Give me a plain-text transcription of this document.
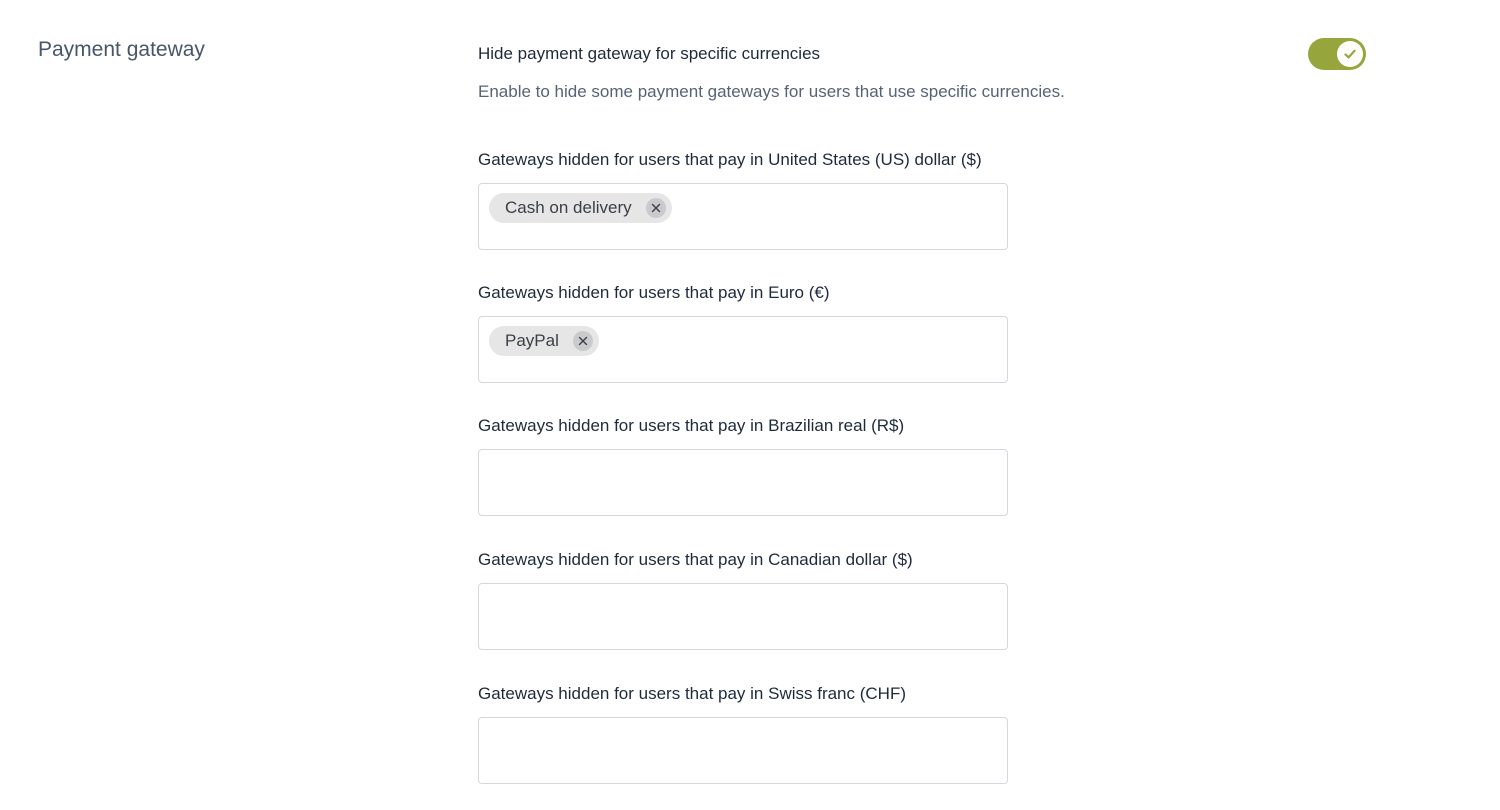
Payment gateway	Hide payment gateway for specific currencies

Enable to hide some payment gateways for users that use specific currencies.

Gateways hidden for users that pay in United States (US) dollar ($)

Cash on delivery

Gateways hidden for users that pay in Euro (€)

PayPal

Gateways hidden for users that pay in Brazilian real (R$)

Gateways hidden for users that pay in Canadian dollar ($)

Gateways hidden for users that pay in Swiss franc (CHF)
